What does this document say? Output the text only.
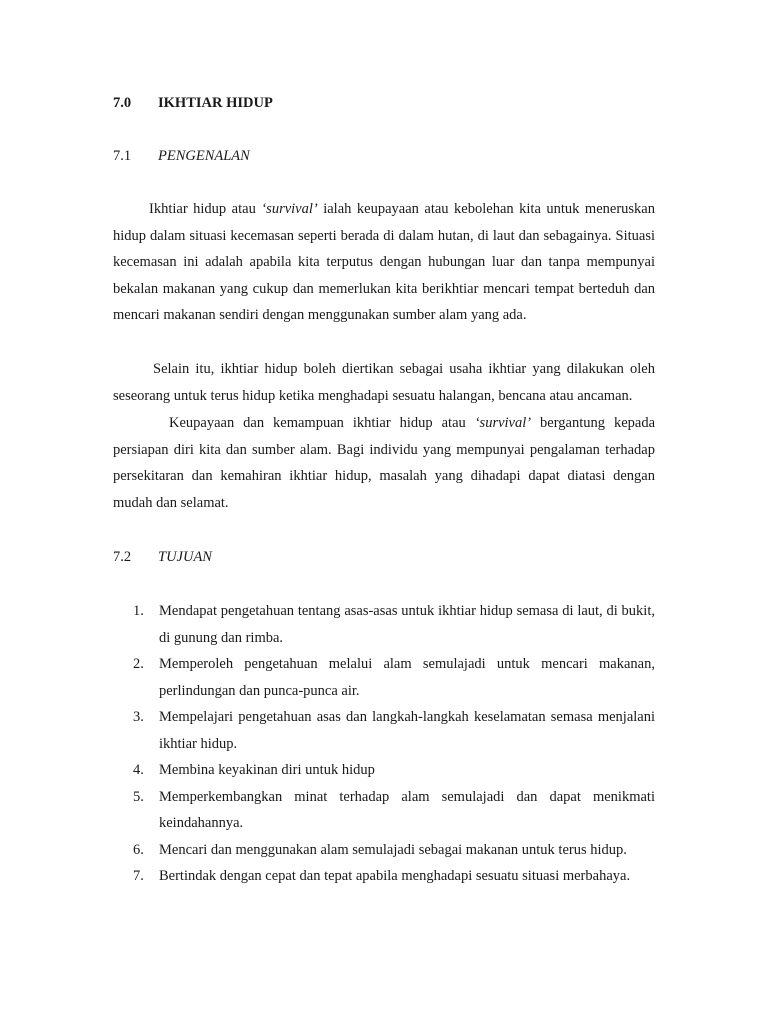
7.0 IKHTIAR HIDUP
7.1 PENGENALAN

Ikhtiar hidup atau ‘survival’ ialah keupayaan atau kebolehan kita untuk meneruskan hidup dalam situasi kecemasan seperti berada di dalam hutan, di laut dan sebagainya. Situasi kecemasan ini adalah apabila kita terputus dengan hubungan luar dan tanpa mempunyai bekalan makanan yang cukup dan memerlukan kita berikhtiar mencari tempat berteduh dan mencari makanan sendiri dengan menggunakan sumber alam yang ada.

Selain itu, ikhtiar hidup boleh diertikan sebagai usaha ikhtiar yang dilakukan oleh seseorang untuk terus hidup ketika menghadapi sesuatu halangan, bencana atau ancaman.

Keupayaan dan kemampuan ikhtiar hidup atau ‘survival’ bergantung kepada persiapan diri kita dan sumber alam. Bagi individu yang mempunyai pengalaman terhadap persekitaran dan kemahiran ikhtiar hidup, masalah yang dihadapi dapat diatasi dengan mudah dan selamat.

7.2 TUJUAN
1. Mendapat pengetahuan tentang asas-asas untuk ikhtiar hidup semasa di laut, di bukit, di gunung dan rimba.
2. Memperoleh pengetahuan melalui alam semulajadi untuk mencari makanan, perlindungan dan punca-punca air.
3. Mempelajari pengetahuan asas dan langkah-langkah keselamatan semasa menjalani ikhtiar hidup.
4. Membina keyakinan diri untuk hidup
5. Memperkembangkan minat terhadap alam semulajadi dan dapat menikmati keindahannya.
6. Mencari dan menggunakan alam semulajadi sebagai makanan untuk terus hidup.
7. Bertindak dengan cepat dan tepat apabila menghadapi sesuatu situasi merbahaya.
